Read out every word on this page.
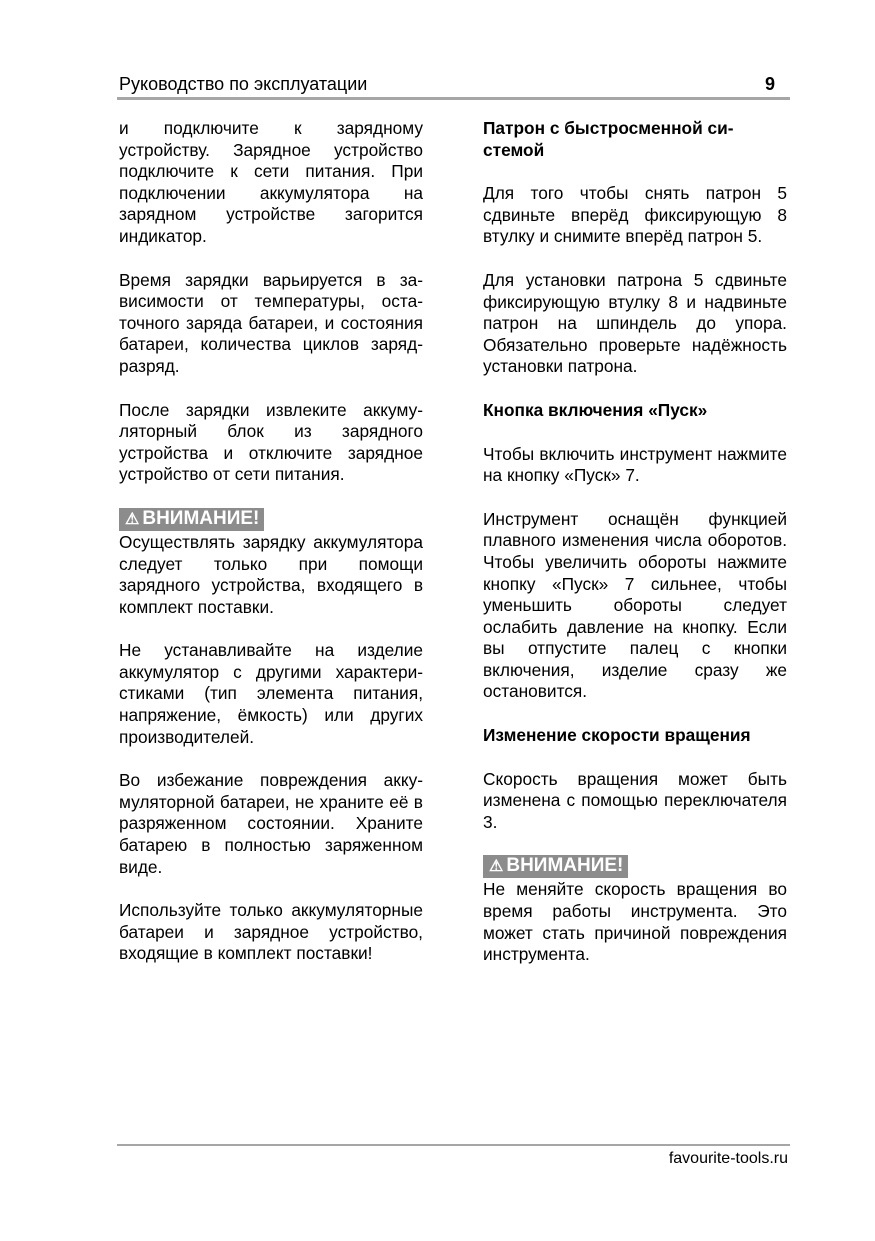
Руководство по эксплуатации	9

и подключите к зарядному устройству. Зарядное устройство подключите к сети питания. При подключении аккумулятора на зарядном устройстве загорится индикатор.

Время зарядки варьируется в зависимости от температуры, остаточного заряда батареи, и состояния батареи, количества циклов заряд-разряд.

После зарядки извлеките аккумуляторный блок из зарядного устройства и отключите зарядное устройство от сети питания.

⚠ ВНИМАНИЕ!

Осуществлять зарядку аккумулятора следует только при помощи зарядного устройства, входящего в комплект поставки.

Не устанавливайте на изделие аккумулятор с другими характеристиками (тип элемента питания, напряжение, ёмкость) или других производителей.

Во избежание повреждения аккумуляторной батареи, не храните её в разряженном состоянии. Храните батарею в полностью заряженном виде.

Используйте только аккумуляторные батареи и зарядное устройство, входящие в комплект поставки!

Патрон с быстросменной системой

Для того чтобы снять патрон 5 сдвиньте вперёд фиксирующую 8 втулку и снимите вперёд патрон 5.

Для установки патрона 5 сдвиньте фиксирующую втулку 8 и надвиньте патрон на шпиндель до упора. Обязательно проверьте надёжность установки патрона.

Кнопка включения «Пуск»

Чтобы включить инструмент нажмите на кнопку «Пуск» 7.

Инструмент оснащён функцией плавного изменения числа оборотов. Чтобы увеличить обороты нажмите кнопку «Пуск» 7 сильнее, чтобы уменьшить обороты следует ослабить давление на кнопку. Если вы отпустите палец с кнопки включения, изделие сразу же остановится.

Изменение скорости вращения

Скорость вращения может быть изменена с помощью переключателя 3.

⚠ ВНИМАНИЕ!

Не меняйте скорость вращения во время работы инструмента. Это может стать причиной повреждения инструмента.

favourite-tools.ru
